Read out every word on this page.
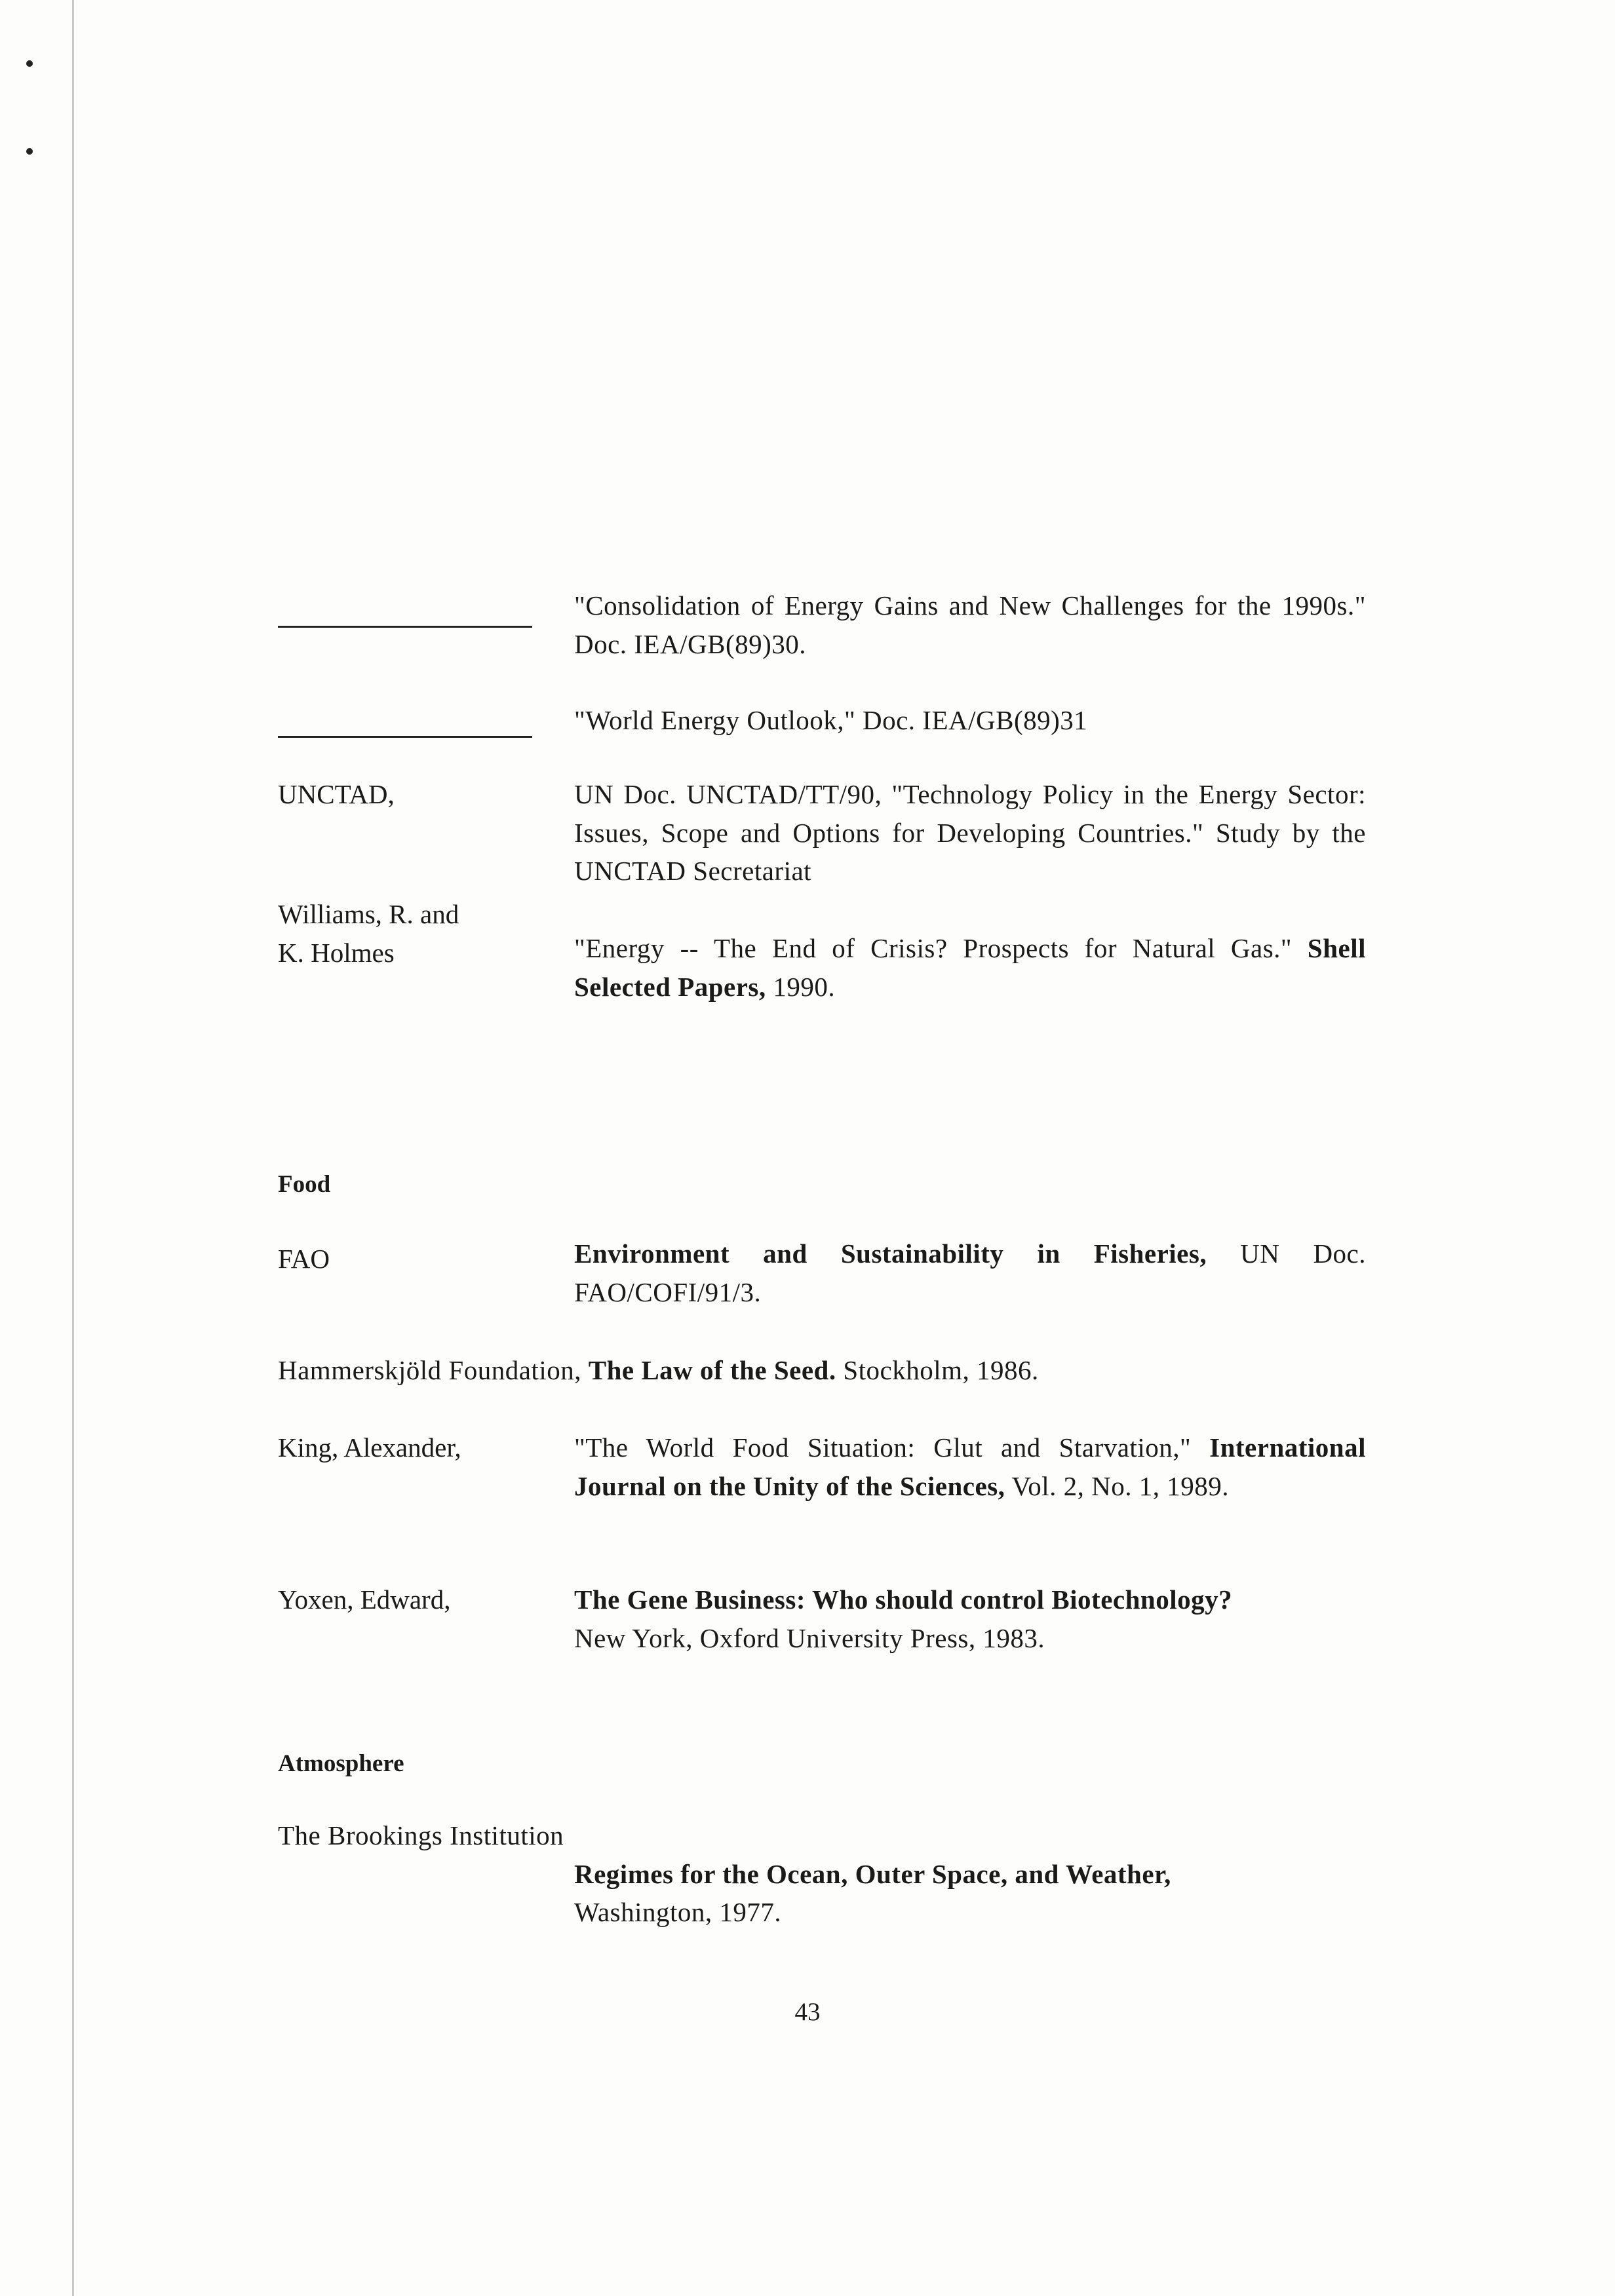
"Consolidation of Energy Gains and New Challenges for the 1990s." Doc. IEA/GB(89)30.
"World Energy Outlook," Doc. IEA/GB(89)31
UNCTAD,	UN Doc. UNCTAD/TT/90, "Technology Policy in the Energy Sector: Issues, Scope and Options for Developing Countries." Study by the UNCTAD Secretariat
Williams, R. and
K. Holmes	"Energy -- The End of Crisis? Prospects for Natural Gas." Shell Selected Papers, 1990.
Food
FAO	Environment and Sustainability in Fisheries, UN Doc. FAO/COFI/91/3.
Hammerskjöld Foundation, The Law of the Seed. Stockholm, 1986.
King, Alexander,	"The World Food Situation: Glut and Starvation," International Journal on the Unity of the Sciences, Vol. 2, No. 1, 1989.
Yoxen, Edward,	The Gene Business: Who should control Biotechnology?
New York, Oxford University Press, 1983.
Atmosphere
The Brookings Institution
Regimes for the Ocean, Outer Space, and Weather,
Washington, 1977.
43
